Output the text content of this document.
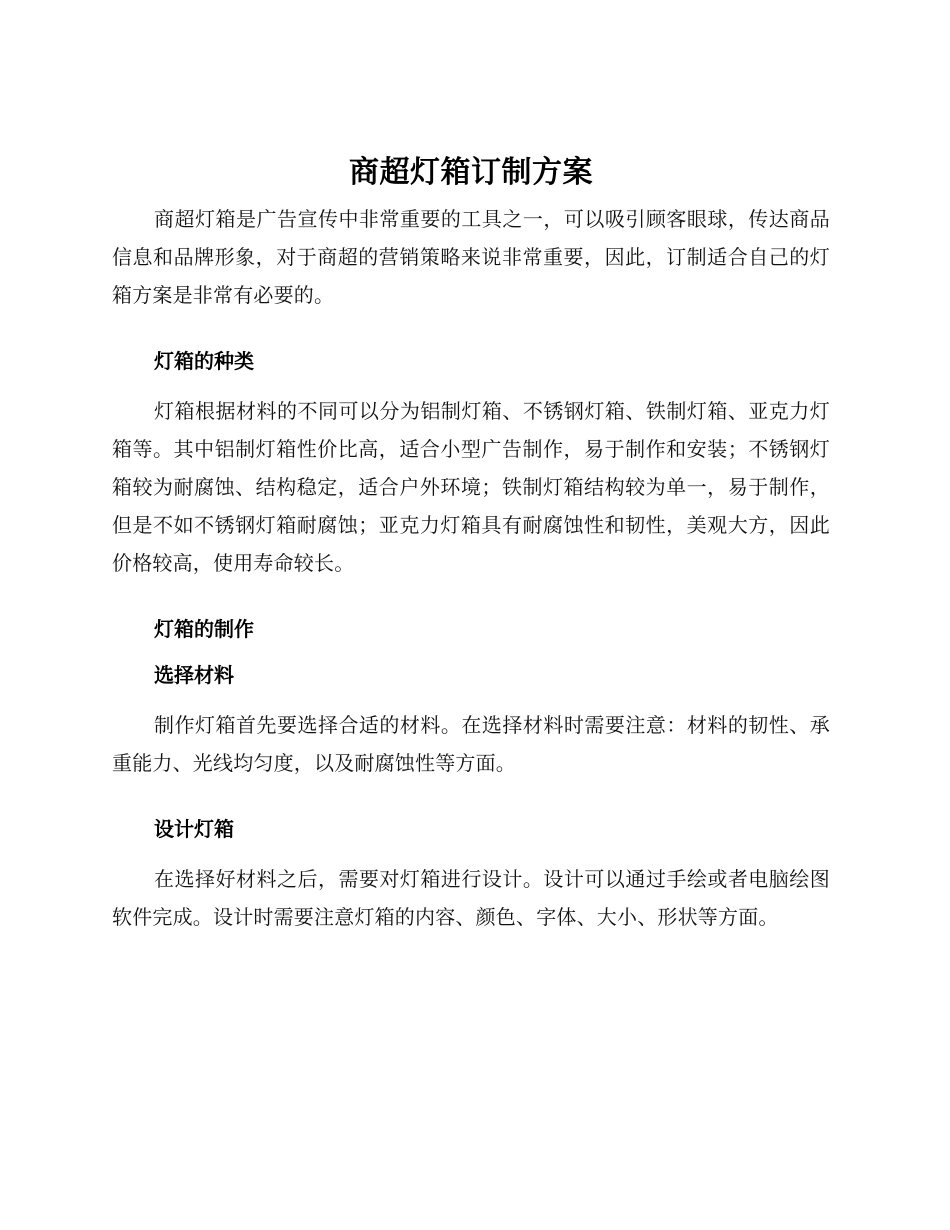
商超灯箱订制方案

商超灯箱是广告宣传中非常重要的工具之一，可以吸引顾客眼球，传达商品信息和品牌形象，对于商超的营销策略来说非常重要，因此，订制适合自己的灯箱方案是非常有必要的。

灯箱的种类

灯箱根据材料的不同可以分为铝制灯箱、不锈钢灯箱、铁制灯箱、亚克力灯箱等。其中铝制灯箱性价比高，适合小型广告制作，易于制作和安装；不锈钢灯箱较为耐腐蚀、结构稳定，适合户外环境；铁制灯箱结构较为单一，易于制作，但是不如不锈钢灯箱耐腐蚀；亚克力灯箱具有耐腐蚀性和韧性，美观大方，因此价格较高，使用寿命较长。

灯箱的制作
选择材料

制作灯箱首先要选择合适的材料。在选择材料时需要注意：材料的韧性、承重能力、光线均匀度，以及耐腐蚀性等方面。

设计灯箱

在选择好材料之后，需要对灯箱进行设计。设计可以通过手绘或者电脑绘图软件完成。设计时需要注意灯箱的内容、颜色、字体、大小、形状等方面。
